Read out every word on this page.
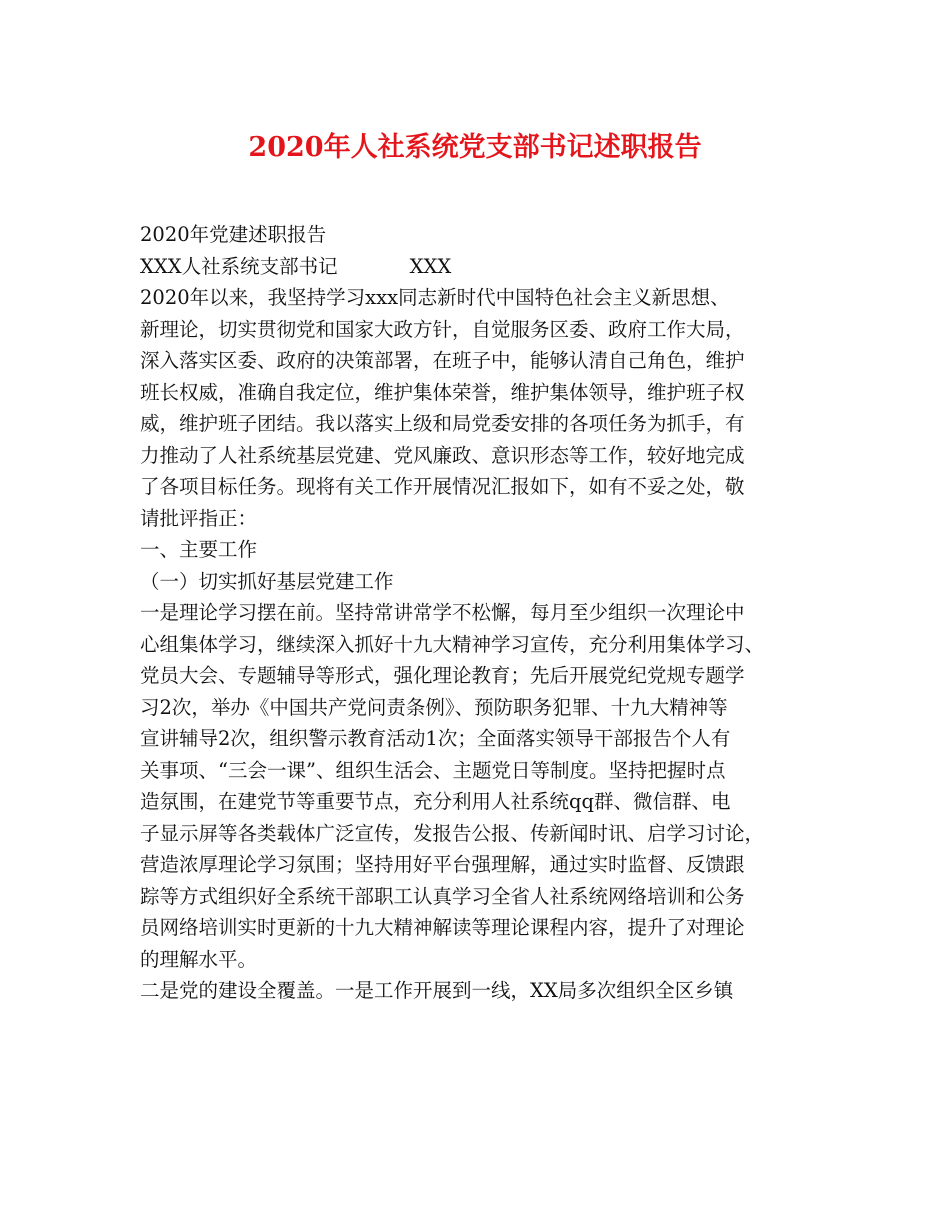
2020年人社系统党支部书记述职报告
2020年党建述职报告
XXX人社系统支部书记	XXX
2020年以来，我坚持学习xxx同志新时代中国特色社会主义新思想、
新理论，切实贯彻党和国家大政方针，自觉服务区委、政府工作大局，
深入落实区委、政府的决策部署，在班子中，能够认清自己角色，维护
班长权威，准确自我定位，维护集体荣誉，维护集体领导，维护班子权
威，维护班子团结。我以落实上级和局党委安排的各项任务为抓手，有
力推动了人社系统基层党建、党风廉政、意识形态等工作，较好地完成
了各项目标任务。现将有关工作开展情况汇报如下，如有不妥之处，敬
请批评指正：
一、主要工作
（一）切实抓好基层党建工作
一是理论学习摆在前。坚持常讲常学不松懈，每月至少组织一次理论中
心组集体学习，继续深入抓好十九大精神学习宣传，充分利用集体学习、
党员大会、专题辅导等形式，强化理论教育；先后开展党纪党规专题学
习2次，举办《中国共产党问责条例》、预防职务犯罪、十九大精神等
宣讲辅导2次，组织警示教育活动1次；全面落实领导干部报告个人有
关事项、“三会一课”、组织生活会、主题党日等制度。坚持把握时点
造氛围，在建党节等重要节点，充分利用人社系统qq群、微信群、电
子显示屏等各类载体广泛宣传，发报告公报、传新闻时讯、启学习讨论，
营造浓厚理论学习氛围；坚持用好平台强理解，通过实时监督、反馈跟
踪等方式组织好全系统干部职工认真学习全省人社系统网络培训和公务
员网络培训实时更新的十九大精神解读等理论课程内容，提升了对理论
的理解水平。
二是党的建设全覆盖。一是工作开展到一线，XX局多次组织全区乡镇
